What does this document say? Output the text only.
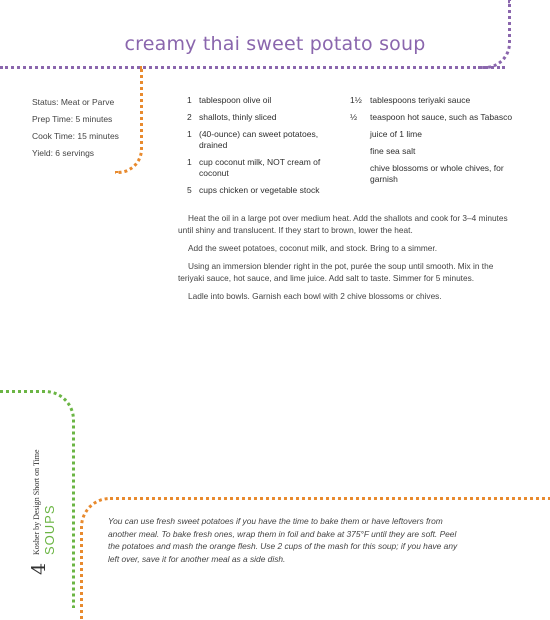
creamy thai sweet potato soup
Status: Meat or Parve
Prep Time: 5 minutes
Cook Time: 15 minutes
Yield: 6 servings
1 tablespoon olive oil
2 shallots, thinly sliced
1 (40-ounce) can sweet potatoes, drained
1 cup coconut milk, NOT cream of coconut
5 cups chicken or vegetable stock
1½ tablespoons teriyaki sauce
½ teaspoon hot sauce, such as Tabasco
juice of 1 lime
fine sea salt
chive blossoms or whole chives, for garnish

Heat the oil in a large pot over medium heat. Add the shallots and cook for 3–4 minutes until shiny and translucent. If they start to brown, lower the heat.

Add the sweet potatoes, coconut milk, and stock. Bring to a simmer.

Using an immersion blender right in the pot, purée the soup until smooth. Mix in the teriyaki sauce, hot sauce, and lime juice. Add salt to taste. Simmer for 5 minutes.

Ladle into bowls. Garnish each bowl with 2 chive blossoms or chives.

You can use fresh sweet potatoes if you have the time to bake them or have leftovers from another meal. To bake fresh ones, wrap them in foil and bake at 375°F until they are soft. Peel the potatoes and mash the orange flesh. Use 2 cups of the mash for this soup; if you have any left over, save it for another meal as a side dish.
4
Kosher by Design Short on Time SOUPS
